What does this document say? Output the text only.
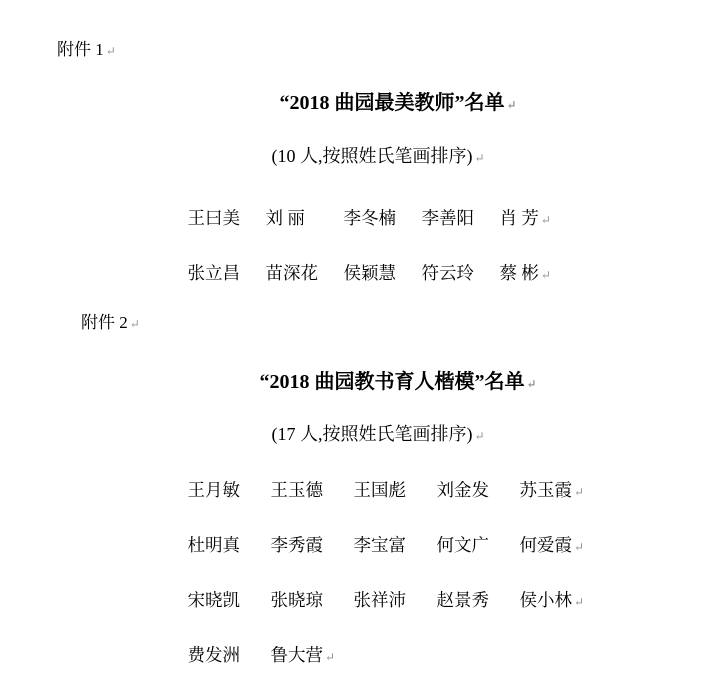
附件 1 ↵

“2018 曲园最美教师”名单 ↵

(10 人,按照姓氏笔画排序) ↵

王曰美 刘 丽 李冬楠 李善阳 肖 芳 ↵

张立昌 苗深花 侯颖慧 符云玲 蔡 彬 ↵

附件 2 ↵

“2018 曲园教书育人楷模”名单 ↵

(17 人,按照姓氏笔画排序) ↵

王月敏 王玉德 王国彪 刘金发 苏玉霞 ↵

杜明真 李秀霞 李宝富 何文广 何爱霞 ↵

宋晓凯 张晓琼 张祥沛 赵景秀 侯小林 ↵

费发洲 鲁大营 ↵
